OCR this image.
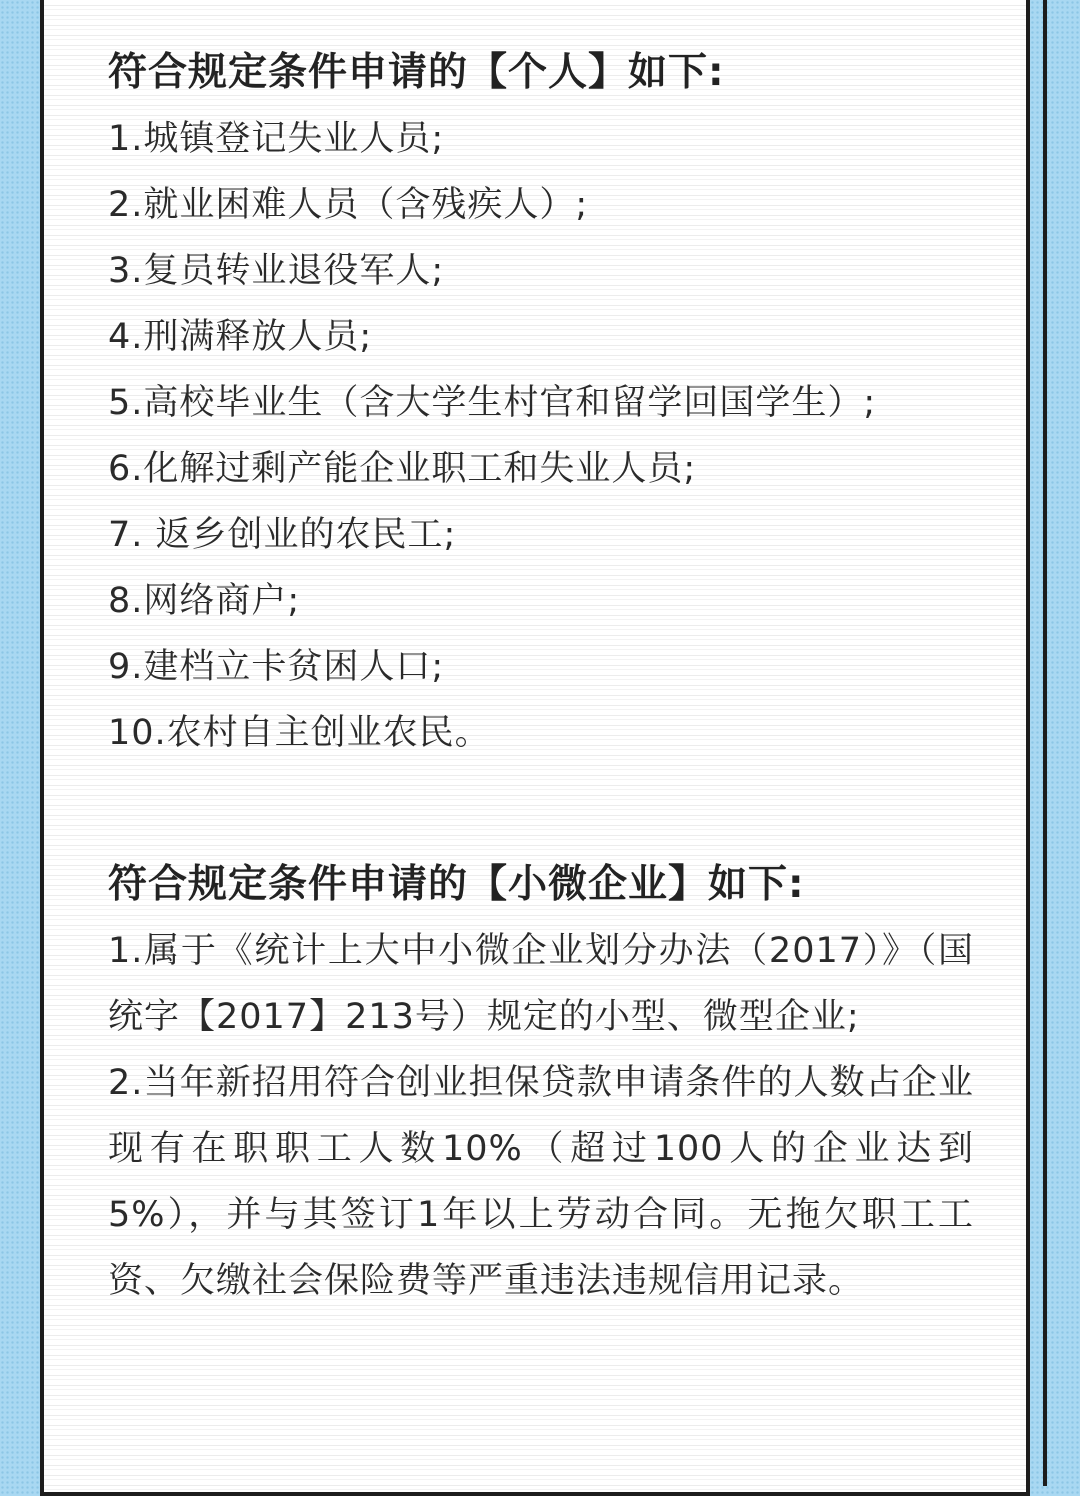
符合规定条件申请的【个人】如下:
1.城镇登记失业人员;
2.就业困难人员（含残疾人）;
3.复员转业退役军人;
4.刑满释放人员;
5.高校毕业生（含大学生村官和留学回国学生）;
6.化解过剩产能企业职工和失业人员;
7. 返乡创业的农民工;
8.网络商户;
9.建档立卡贫困人口;
10.农村自主创业农民。
符合规定条件申请的【小微企业】如下:
1.属于《统计上大中小微企业划分办法（2017）》（国统字【2017】213号）规定的小型、微型企业;
2.当年新招用符合创业担保贷款申请条件的人数占企业现有在职职工人数10%（超过100人的企业达到5%），并与其签订1年以上劳动合同。无拖欠职工工资、欠缴社会保险费等严重违法违规信用记录。
